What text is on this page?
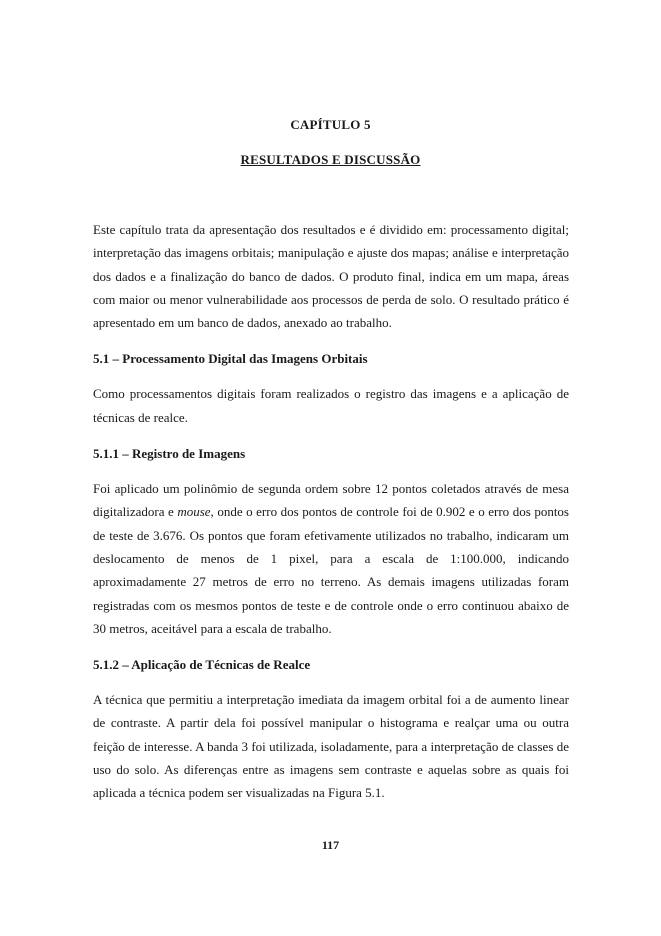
CAPÍTULO 5
RESULTADOS E DISCUSSÃO

Este capítulo trata da apresentação dos resultados e é dividido em: processamento digital; interpretação das imagens orbitais; manipulação e ajuste dos mapas; análise e interpretação dos dados e a finalização do banco de dados. O produto final, indica em um mapa, áreas com maior ou menor vulnerabilidade aos processos de perda de solo. O resultado prático é apresentado em um banco de dados, anexado ao trabalho.

5.1 – Processamento Digital das Imagens Orbitais

Como processamentos digitais foram realizados o registro das imagens e a aplicação de técnicas de realce.

5.1.1 – Registro de Imagens

Foi aplicado um polinômio de segunda ordem sobre 12 pontos coletados através de mesa digitalizadora e mouse, onde o erro dos pontos de controle foi de 0.902 e o erro dos pontos de teste de 3.676. Os pontos que foram efetivamente utilizados no trabalho, indicaram um deslocamento de menos de 1 pixel, para a escala de 1:100.000, indicando aproximadamente 27 metros de erro no terreno. As demais imagens utilizadas foram registradas com os mesmos pontos de teste e de controle onde o erro continuou abaixo de 30 metros, aceitável para a escala de trabalho.

5.1.2 – Aplicação de Técnicas de Realce

A técnica que permitiu a interpretação imediata da imagem orbital foi a de aumento linear de contraste. A partir dela foi possível manipular o histograma e realçar uma ou outra feição de interesse. A banda 3 foi utilizada, isoladamente, para a interpretação de classes de uso do solo. As diferenças entre as imagens sem contraste e aquelas sobre as quais foi aplicada a técnica podem ser visualizadas na Figura 5.1.

117
